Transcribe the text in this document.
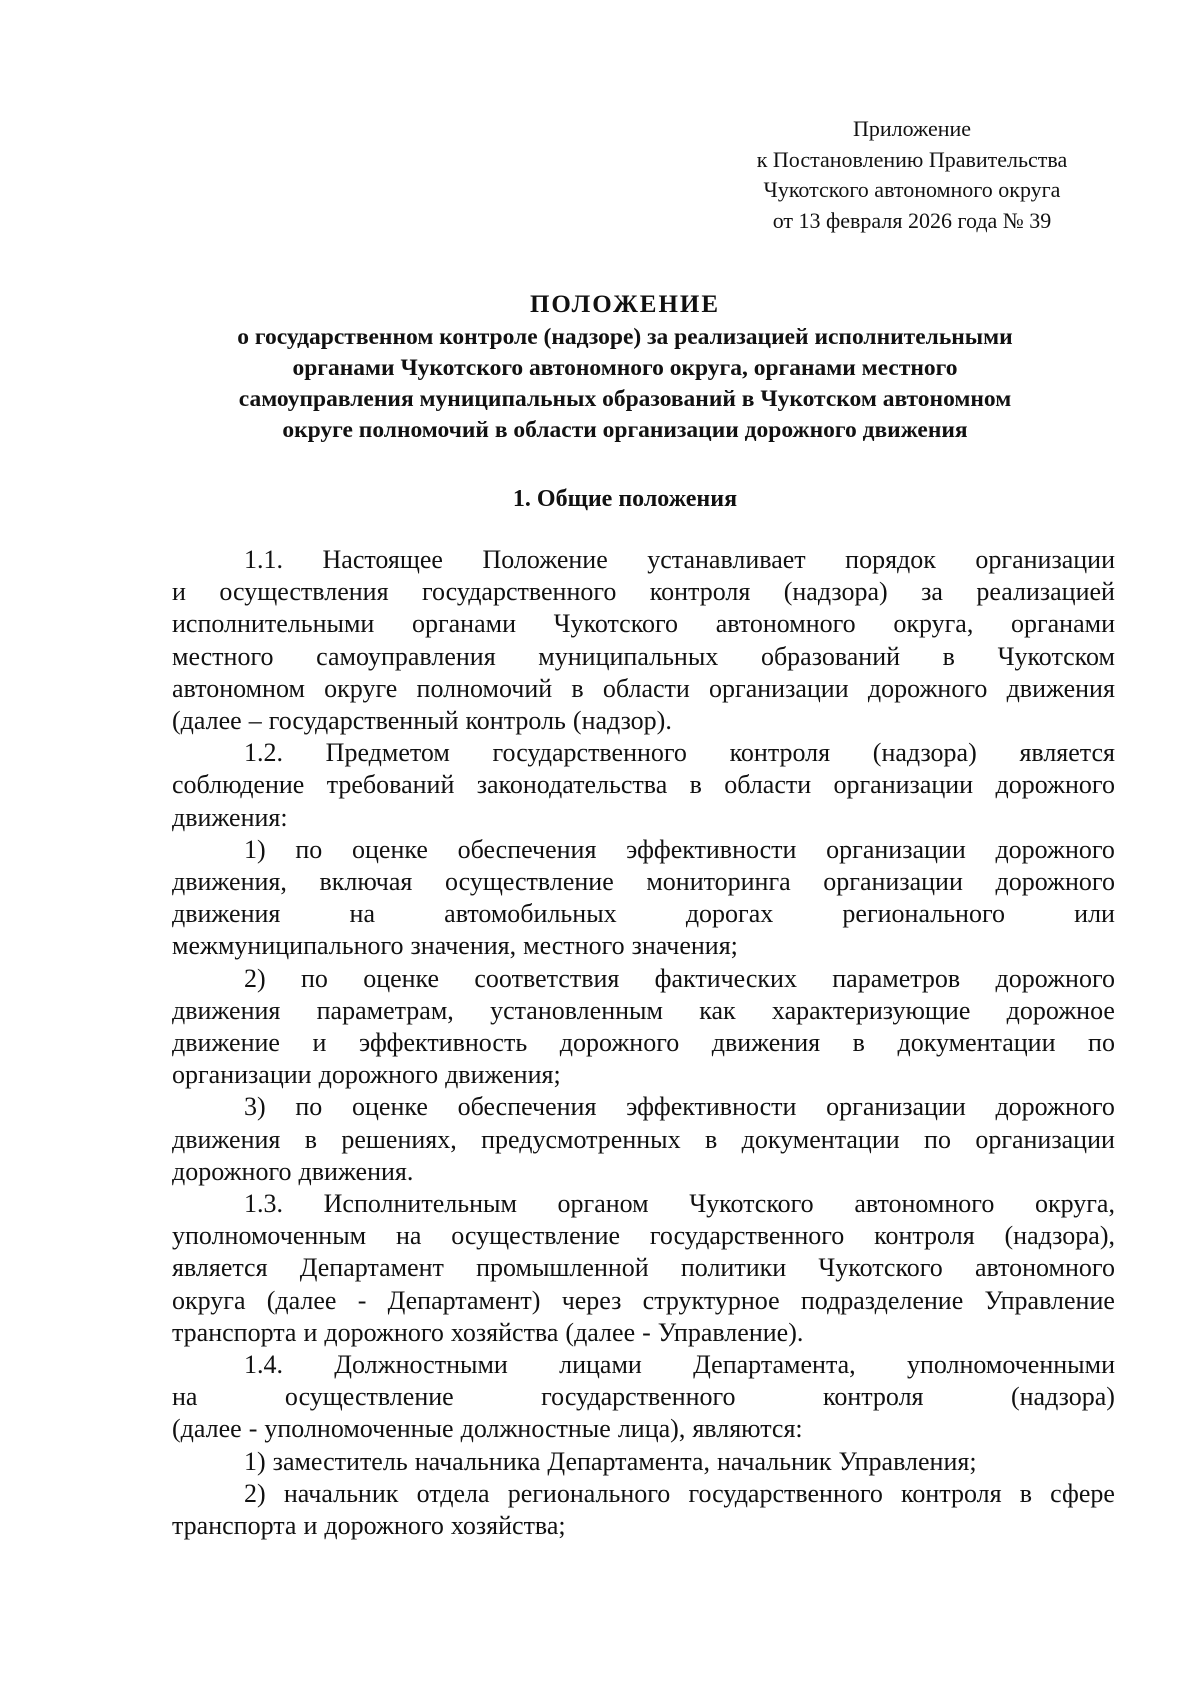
Приложение
к Постановлению Правительства
Чукотского автономного округа
от 13 февраля 2026 года № 39
ПОЛОЖЕНИЕ
о государственном контроле (надзоре) за реализацией исполнительными
органами Чукотского автономного округа, органами местного
самоуправления муниципальных образований в Чукотском автономном
округе полномочий в области организации дорожного движения
1. Общие положения
1.1. Настоящее Положение устанавливает порядок организации
и осуществления государственного контроля (надзора) за реализацией
исполнительными органами Чукотского автономного округа, органами
местного самоуправления муниципальных образований в Чукотском
автономном округе полномочий в области организации дорожного движения
(далее – государственный контроль (надзор).
1.2. Предметом государственного контроля (надзора) является
соблюдение требований законодательства в области организации дорожного
движения:
1) по оценке обеспечения эффективности организации дорожного
движения, включая осуществление мониторинга организации дорожного
движения	на	автомобильных	дорогах	регионального	или
межмуниципального значения, местного значения;
2) по оценке соответствия фактических параметров дорожного
движения параметрам, установленным как характеризующие дорожное
движение и эффективность дорожного движения в документации по
организации дорожного движения;
3) по оценке обеспечения эффективности организации дорожного
движения в решениях, предусмотренных в документации по организации
дорожного движения.
1.3. Исполнительным органом Чукотского автономного округа,
уполномоченным на осуществление государственного контроля (надзора),
является Департамент промышленной политики Чукотского автономного
округа (далее - Департамент) через структурное подразделение Управление
транспорта и дорожного хозяйства (далее - Управление).
1.4. Должностными лицами Департамента, уполномоченными
на	осуществление	государственного	контроля	(надзора)
(далее - уполномоченные должностные лица), являются:
1) заместитель начальника Департамента, начальник Управления;
2) начальник отдела регионального государственного контроля в сфере
транспорта и дорожного хозяйства;
